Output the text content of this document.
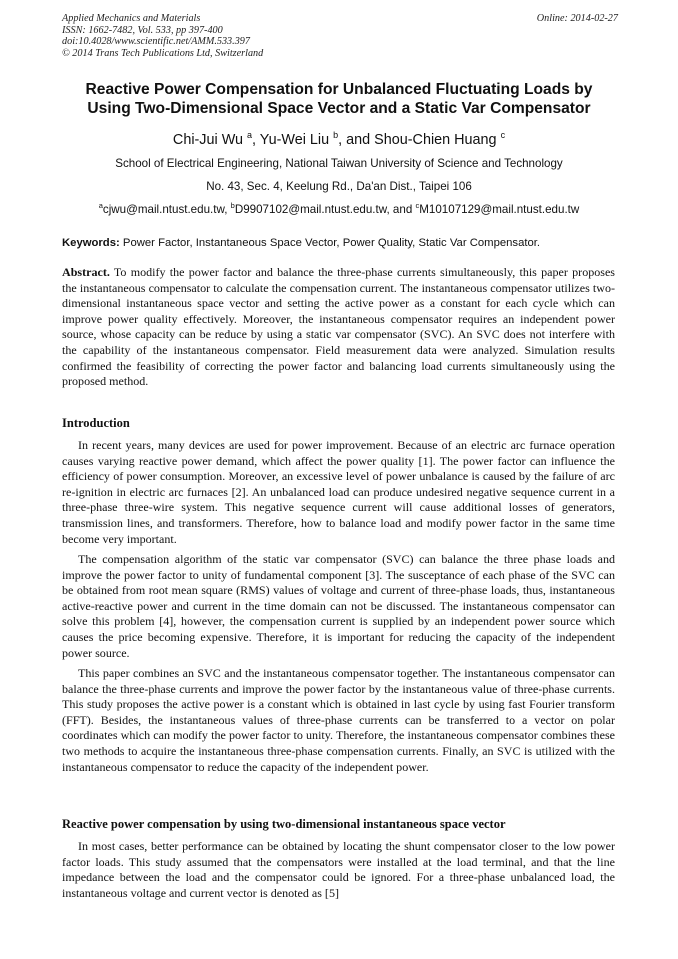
Applied Mechanics and Materials
ISSN: 1662-7482, Vol. 533, pp 397-400
doi:10.4028/www.scientific.net/AMM.533.397
© 2014 Trans Tech Publications Ltd, Switzerland
Online: 2014-02-27
Reactive Power Compensation for Unbalanced Fluctuating Loads by
Using Two-Dimensional Space Vector and a Static Var Compensator
Chi-Jui Wu $^a$, Yu-Wei Liu $^b$, and Shou-Chien Huang $^c$
School of Electrical Engineering, National Taiwan University of Science and Technology
No. 43, Sec. 4, Keelung Rd., Da'an Dist., Taipei 106
$^a$cjwu@mail.ntust.edu.tw, $^b$D9907102@mail.ntust.edu.tw, and $^c$M10107129@mail.ntust.edu.tw
Keywords: Power Factor, Instantaneous Space Vector, Power Quality, Static Var Compensator.

Abstract. To modify the power factor and balance the three-phase currents simultaneously, this paper proposes the instantaneous compensator to calculate the compensation current. The instantaneous compensator utilizes two-dimensional instantaneous space vector and setting the active power as a constant for each cycle which can improve power quality effectively. Moreover, the instantaneous compensator requires an independent power source, whose capacity can be reduce by using a static var compensator (SVC). An SVC does not interfere with the capability of the instantaneous compensator. Field measurement data were analyzed. Simulation results confirmed the feasibility of correcting the power factor and balancing load currents simultaneously using the proposed method.

Introduction

In recent years, many devices are used for power improvement. Because of an electric arc furnace operation causes varying reactive power demand, which affect the power quality [1]. The power factor can influence the efficiency of power consumption. Moreover, an excessive level of power unbalance is caused by the failure of arc re-ignition in electric arc furnaces [2]. An unbalanced load can produce undesired negative sequence current in a three-phase three-wire system. This negative sequence current will cause additional losses of generators, transmission lines, and transformers. Therefore, how to balance load and modify power factor in the same time become very important.

The compensation algorithm of the static var compensator (SVC) can balance the three phase loads and improve the power factor to unity of fundamental component [3]. The susceptance of each phase of the SVC can be obtained from root mean square (RMS) values of voltage and current of three-phase loads, thus, instantaneous active-reactive power and current in the time domain can not be discussed. The instantaneous compensator can solve this problem [4], however, the compensation current is supplied by an independent power source which causes the price becoming expensive. Therefore, it is important for reducing the capacity of the independent power source.

This paper combines an SVC and the instantaneous compensator together. The instantaneous compensator can balance the three-phase currents and improve the power factor by the instantaneous value of three-phase currents. This study proposes the active power is a constant which is obtained in last cycle by using fast Fourier transform (FFT). Besides, the instantaneous values of three-phase currents can be transferred to a vector on polar coordinates which can modify the power factor to unity. Therefore, the instantaneous compensator combines these two methods to acquire the instantaneous three-phase compensation currents. Finally, an SVC is utilized with the instantaneous compensator to reduce the capacity of the independent power.

Reactive power compensation by using two-dimensional instantaneous space vector

In most cases, better performance can be obtained by locating the shunt compensator closer to the low power factor loads. This study assumed that the compensators were installed at the load terminal, and that the line impedance between the load and the compensator could be ignored. For a three-phase unbalanced load, the instantaneous voltage and current vector is denoted as [5]
